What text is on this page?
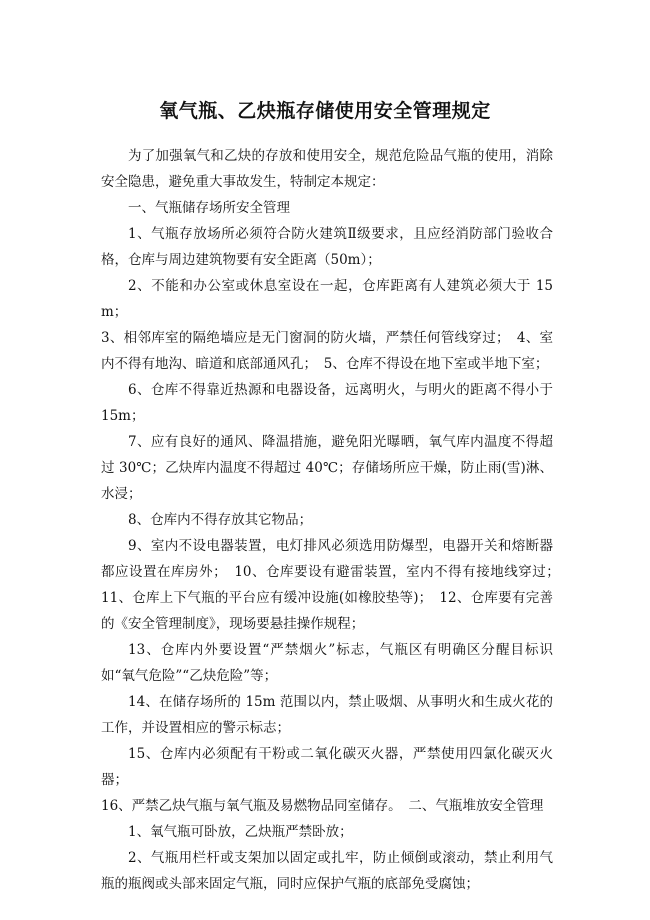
氧气瓶、乙炔瓶存储使用安全管理规定

为了加强氧气和乙炔的存放和使用安全，规范危险品气瓶的使用，消除安全隐患，避免重大事故发生，特制定本规定：

一、气瓶储存场所安全管理

1、气瓶存放场所必须符合防火建筑Ⅱ级要求，且应经消防部门验收合格，仓库与周边建筑物要有安全距离（50m）；

2、不能和办公室或休息室设在一起，仓库距离有人建筑必须大于 15m；

3、相邻库室的隔绝墙应是无门窗洞的防火墙，严禁任何管线穿过；　4、室内不得有地沟、暗道和底部通风孔；　5、仓库不得设在地下室或半地下室；

6、仓库不得靠近热源和电器设备，远离明火，与明火的距离不得小于 15m；

7、应有良好的通风、降温措施，避免阳光曝晒，氧气库内温度不得超过 30℃；乙炔库内温度不得超过 40℃；存储场所应干燥，防止雨(雪)淋、水浸；

8、仓库内不得存放其它物品；

9、室内不设电器装置，电灯排风必须选用防爆型，电器开关和熔断器都应设置在库房外；　10、仓库要设有避雷装置，室内不得有接地线穿过；　11、仓库上下气瓶的平台应有缓冲设施(如橡胶垫等)；　12、仓库要有完善的《安全管理制度》，现场要悬挂操作规程；

13、仓库内外要设置“严禁烟火”标志，气瓶区有明确区分醒目标识如“氧气危险”“乙炔危险”等；

14、在储存场所的 15m 范围以内，禁止吸烟、从事明火和生成火花的工作，并设置相应的警示标志；

15、仓库内必须配有干粉或二氧化碳灭火器，严禁使用四氯化碳灭火器；

16、严禁乙炔气瓶与氧气瓶及易燃物品同室储存。　二、气瓶堆放安全管理

1、氧气瓶可卧放，乙炔瓶严禁卧放；

2、气瓶用栏杆或支架加以固定或扎牢，防止倾倒或滚动，禁止利用气瓶的瓶阀或头部来固定气瓶，同时应保护气瓶的底部免受腐蚀；
